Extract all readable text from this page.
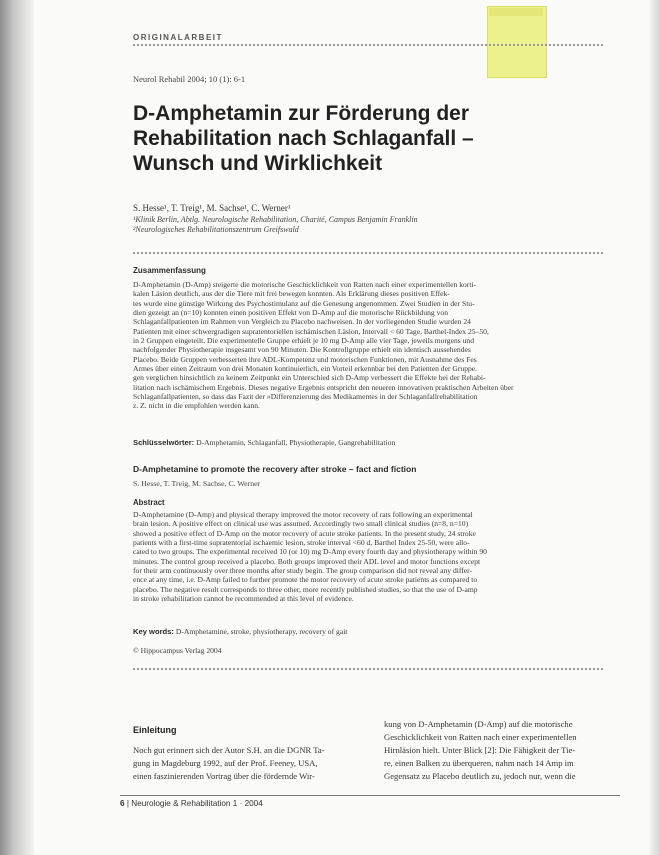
ORIGINALARBEIT
Neurol Rehabil 2004; 10 (1): 6-1
D-Amphetamin zur Förderung der
Rehabilitation nach Schlaganfall –
Wunsch und Wirklichkeit
S. Hesse¹, T. Treig¹, M. Sachse¹, C. Werner¹
¹Klinik Berlin, Abtlg. Neurologische Rehabilitation, Charité, Campus Benjamin Franklin
²Neurologisches Rehabilitationszentrum Greifswald
Zusammenfassung
D-Amphetamin (D-Amp) steigerte die motorische Geschicklichkeit von Ratten nach einer experimentellen korti-
kalen Läsion deutlich, aus der die Tiere mit frei bewegen konnten. Als Erklärung dieses positiven Effek-
tes wurde eine günstige Wirkung des Psychostimulanz auf die Genesung angenommen. Zwei Studien in der Stu-
dien gezeigt an (n=10) konnten einen positiven Effekt von D-Amp auf die motorische Rückbildung von
Schlaganfallpatienten im Rahmen von Vergleich zu Placebo nachweisen. In der vorliegenden Studie wurden 24
Patienten mit einer schwergradigen supratentoriellen ischämischen Läsion, Intervall < 60 Tage, Barthel-Index 25–50,
in 2 Gruppen eingeteilt. Die experimentelle Gruppe erhielt je 10 mg D-Amp alle vier Tage, jeweils morgens und
nachfolgender Physiotherapie insgesamt von 90 Minuten. Die Kontrollgruppe erhielt ein identisch aussehendes
Placebo. Beide Gruppen verbesserten ihre ADL-Kompetenz und motorischen Funktionen, mit Ausnahme des Fes
Armes über einen Zeitraum von drei Monaten kontinuierlich, ein Vorteil erkennbar bei den Patienten der Gruppe.
gen verglichen hinsichtlich zu keinem Zeitpunkt ein Unterschied sich D-Amp verbessert die Effekte bei der Rehabi-
litation nach ischämischem Ergebnis. Dieses negative Ergebnis entspricht den neueren innovativen praktischen Arbeiten über
Schlaganfallpatienten, so dass das Fazit der »Differenzierung des Medikamentes in der Schlaganfallrehabilitation
z. Z. nicht in die empfohlen werden kann.
Schlüsselwörter: D-Amphetamin, Schlaganfall, Physiotherapie, Gangrehabilitation
D-Amphetamine to promote the recovery after stroke – fact and fiction
S. Hesse, T. Treig, M. Sachse, C. Werner
Abstract
D-Amphetamine (D-Amp) and physical therapy improved the motor recovery of rats following an experimental
brain lesion. A positive effect on clinical use was assumed. Accordingly two small clinical studies (n=8, n=10)
showed a positive effect of D-Amp on the motor recovery of acute stroke patients. In the present study, 24 stroke
patients with a first-time supratentorial ischaemic lesion, stroke interval <60 d, Barthel Index 25-50, were allo-
cated to two groups. The experimental received 10 (or 10) mg D-Amp every fourth day and physiotherapy within 90
minutes. The control group received a placebo. Both groups improved their ADL level and motor functions except
for their arm continuously over three months after study begin. The group comparison did not reveal any differ-
ence at any time, i.e. D-Amp failed to further promote the motor recovery of acute stroke patients as compared to
placebo. The negative result corresponds to three other, more recently published studies, so that the use of D-amp
in stroke rehabilitation cannot be recommended at this level of evidence.
Key words: D-Amphetamine, stroke, physiotherapy, recovery of gait
© Hippocampus Verlag 2004
Einleitung
Noch gut erinnert sich der Autor S.H. an die DGNR Ta-
gung in Magdeburg 1992, auf der Prof. Feeney, USA,
einen faszinierenden Vortrag über die fördernde Wir-
kung von D-Amphetamin (D-Amp) auf die motorische
Geschicklichkeit von Ratten nach einer experimentellen
Hirnläsion hielt. Unter Blick [2]: Die Fähigkeit der Tie-
re, einen Balken zu überqueren, nahm nach 14 Amp im
Gegensatz zu Placebo deutlich zu, jedoch nur, wenn die
6 | Neurologie & Rehabilitation 1 · 2004
